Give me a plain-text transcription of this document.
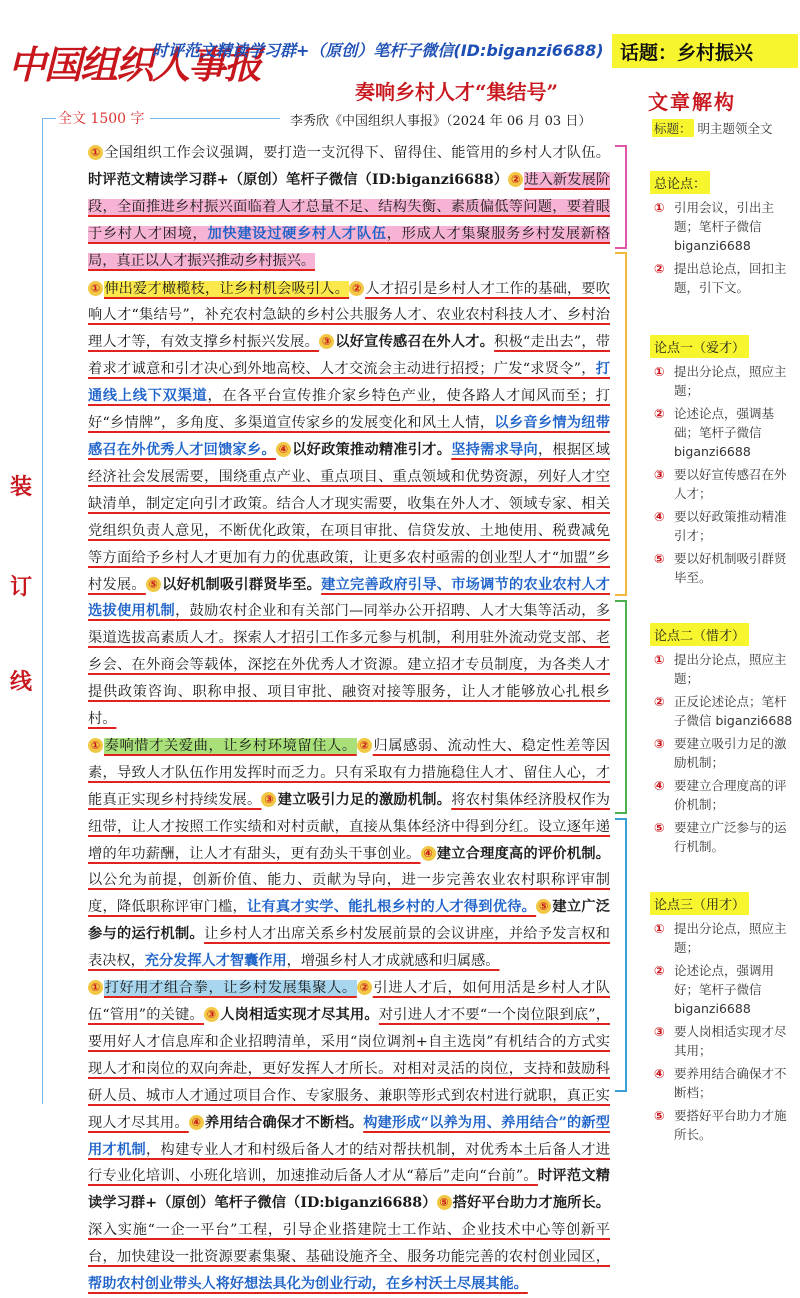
中国组织人事报
时评范文精读学习群+（原创）笔杆子微信(ID:biganzi6688) 话题：乡村振兴
奏响乡村人才“集结号”
全文 1500 字	李秀欣《中国组织人事报》（2024 年 06 月 03 日）
装
订
线

① 全国组织工作会议强调，要打造一支沉得下、留得住、能管用的乡村人才队伍。时评范文精读学习群+（原创）笔杆子微信（ID:biganzi6688） ② 进入新发展阶段，全面推进乡村振兴面临着人才总量不足、结构失衡、素质偏低等问题，要着眼于乡村人才困境，加快建设过硬乡村人才队伍，形成人才集聚服务乡村发展新格局，真正以人才振兴推动乡村振兴。

① 伸出爱才橄榄枝，让乡村机会吸引人。 ② 人才招引是乡村人才工作的基础，要吹响人才“集结号”，补充农村急缺的乡村公共服务人才、农业农村科技人才、乡村治理人才等，有效支撑乡村振兴发展。 ③ 以好宣传感召在外人才。积极“走出去”，带着求才诚意和引才决心到外地高校、人才交流会主动进行招授；广发“求贤令”，打通线上线下双渠道，在各平台宣传推介家乡特色产业，使各路人才闻风而至；打好“乡情牌”，多角度、多渠道宣传家乡的发展变化和风土人情，以乡音乡情为纽带感召在外优秀人才回馈家乡。 ④ 以好政策推动精准引才。坚持需求导向，根据区域经济社会发展需要，围绕重点产业、重点项目、重点领域和优势资源，列好人才空缺清单，制定定向引才政策。结合人才现实需要，收集在外人才、领域专家、相关党组织负责人意见，不断优化政策，在项目审批、信贷发放、土地使用、税费减免等方面给予乡村人才更加有力的优惠政策，让更多农村亟需的创业型人才“加盟”乡村发展。 ⑤ 以好机制吸引群贤毕至。建立完善政府引导、市场调节的农业农村人才选拔使用机制，鼓励农村企业和有关部门—同举办公开招聘、人才大集等活动，多渠道选拔高素质人才。探索人才招引工作多元参与机制，利用驻外流动党支部、老乡会、在外商会等载体，深挖在外优秀人才资源。建立招才专员制度，为各类人才提供政策咨询、职称申报、项目审批、融资对接等服务，让人才能够放心扎根乡村。

① 奏响惜才关爱曲，让乡村环境留住人。 ② 归属感弱、流动性大、稳定性差等因素，导致人才队伍作用发挥时而乏力。只有采取有力措施稳住人才、留住人心，才能真正实现乡村持续发展。 ③ 建立吸引力足的激励机制。将农村集体经济股权作为纽带，让人才按照工作实绩和对村贡献，直接从集体经济中得到分红。设立逐年递增的年功薪酬，让人才有甜头，更有劲头干事创业。 ④ 建立合理度高的评价机制。以公允为前提，创新价值、能力、贡献为导向，进一步完善农业农村职称评审制度，降低职称评审门槛，让有真才实学、能扎根乡村的人才得到优待。 ⑤ 建立广泛参与的运行机制。让乡村人才出席关系乡村发展前景的会议讲座，并给予发言权和表决权，充分发挥人才智囊作用，增强乡村人才成就感和归属感。

① 打好用才组合拳，让乡村发展集聚人。 ② 引进人才后，如何用活是乡村人才队伍“管用”的关键。 ③ 人岗相适实现才尽其用。对引进人才不要“一个岗位限到底”，要用好人才信息库和企业招聘清单，采用“岗位调剂+自主选岗”有机结合的方式实现人才和岗位的双向奔赴，更好发挥人才所长。对相对灵活的岗位，支持和鼓励科研人员、城市人才通过项目合作、专家服务、兼职等形式到农村进行就职，真正实现人才尽其用。 ④ 养用结合确保才不断档。构建形成“以养为用、养用结合”的新型用才机制，构建专业人才和村级后备人才的结对帮扶机制，对优秀本土后备人才进行专业化培训、小班化培训，加速推动后备人才从“幕后”走向“台前”。时评范文精读学习群+（原创）笔杆子微信（ID:biganzi6688） ⑤ 搭好平台助力才施所长。深入实施“一企一平台”工程，引导企业搭建院士工作站、企业技术中心等创新平台，加快建设一批资源要素集聚、基础设施齐全、服务功能完善的农村创业园区，帮助农村创业带头人将好想法具化为创业行动，在乡村沃土尽展其能。

文章解构
标题： 明主题领全文
总论点：
① 引用会议，引出主题；笔杆子微信 biganzi6688
② 提出总论点，回扣主题，引下文。
论点一（爱才）
① 提出分论点，照应主题；
② 论述论点，强调基础；笔杆子微信 biganzi6688
③ 要以好宣传感召在外人才；
④ 要以好政策推动精准引才；
⑤ 要以好机制吸引群贤毕至。
论点二（惜才）
① 提出分论点，照应主题；
② 正反论述论点；笔杆子微信 biganzi6688
③ 要建立吸引力足的激励机制；
④ 要建立合理度高的评价机制；
⑤ 要建立广泛参与的运行机制。
论点三（用才）
① 提出分论点，照应主题；
② 论述论点，强调用好；笔杆子微信 biganzi6688
③ 要人岗相适实现才尽其用；
④ 要养用结合确保才不断档；
⑤ 要搭好平台助力才施所长。
